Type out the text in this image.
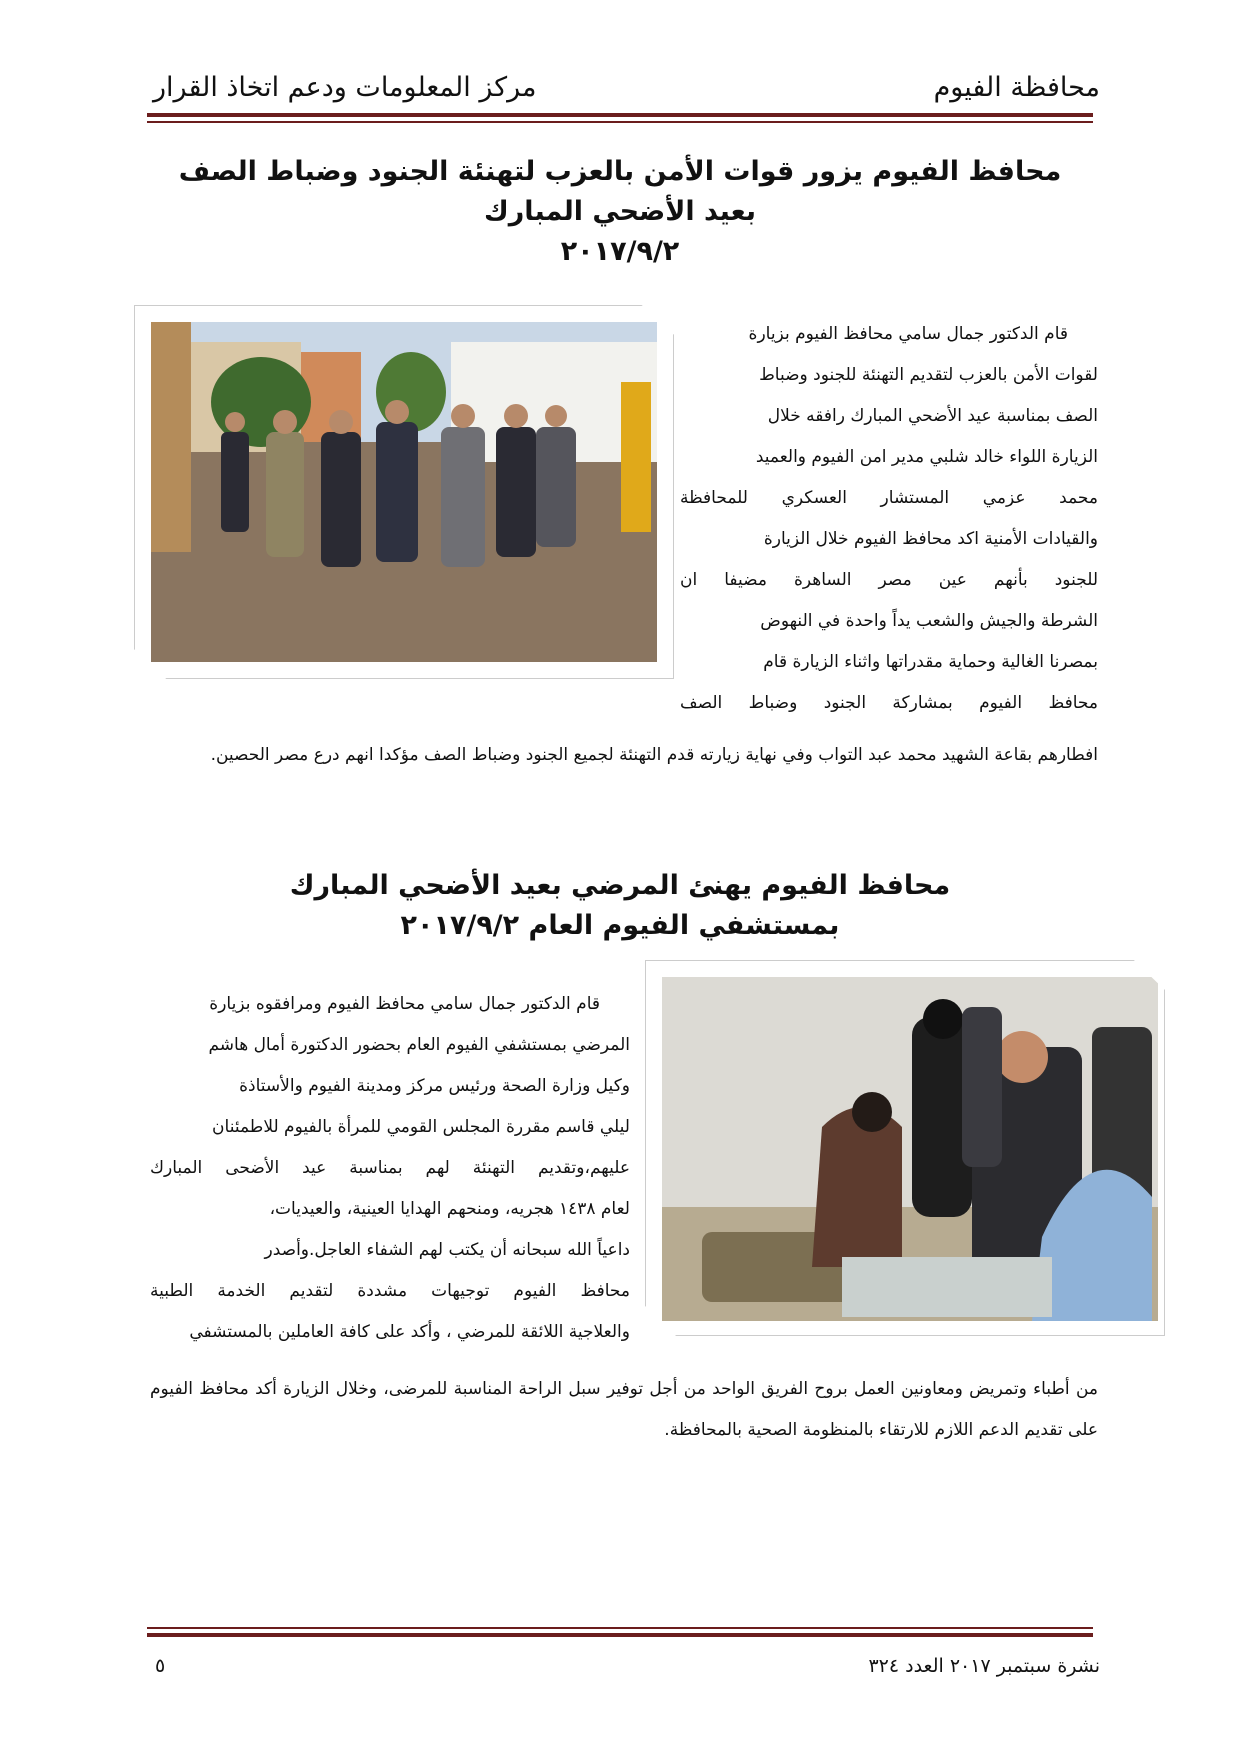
محافظة الفيوم
مركز المعلومات ودعم اتخاذ القرار
محافظ الفيوم يزور قوات الأمن بالعزب لتهنئة الجنود وضباط الصف
بعيد الأضحي المبارك
٢٠١٧/٩/٢

قام الدكتور جمال سامي محافظ الفيوم بزيارة

لقوات الأمن بالعزب لتقديم التهنئة للجنود وضباط

الصف بمناسبة عيد الأضحي المبارك رافقه خلال

الزيارة اللواء خالد شلبي مدير امن الفيوم والعميد

محمد عزمي المستشار العسكري للمحافظة

والقيادات الأمنية اكد محافظ الفيوم خلال الزيارة

للجنود بأنهم عين مصر الساهرة مضيفا ان

الشرطة والجيش والشعب يداً واحدة في النهوض

بمصرنا الغالية وحماية مقدراتها واثناء الزيارة قام

محافظ الفيوم بمشاركة الجنود وضباط الصف

افطارهم بقاعة الشهيد محمد عبد التواب وفي نهاية زيارته قدم التهنئة لجميع الجنود وضباط الصف مؤكدا انهم درع مصر الحصين.
محافظ الفيوم يهنئ المرضي بعيد الأضحي المبارك
بمستشفي الفيوم العام ٢٠١٧/٩/٢

قام الدكتور جمال سامي محافظ الفيوم ومرافقوه بزيارة

المرضي بمستشفي الفيوم العام بحضور الدكتورة أمال هاشم

وكيل وزارة الصحة ورئيس مركز ومدينة الفيوم والأستاذة

ليلي قاسم مقررة المجلس القومي للمرأة بالفيوم للاطمئنان

عليهم،وتقديم التهنئة لهم بمناسبة عيد الأضحى المبارك

لعام ١٤٣٨ هجريه، ومنحهم الهدايا العينية، والعيديات،

داعياً الله سبحانه أن يكتب لهم الشفاء العاجل.وأصدر

محافظ الفيوم توجيهات مشددة لتقديم الخدمة الطبية

والعلاجية اللائقة للمرضي ، وأكد على كافة العاملين بالمستشفي

من أطباء وتمريض ومعاونين العمل بروح الفريق الواحد من أجل توفير سبل الراحة المناسبة للمرضى، وخلال الزيارة أكد محافظ الفيوم على تقديم الدعم اللازم للارتقاء بالمنظومة الصحية بالمحافظة.
نشرة سبتمبر ٢٠١٧ العدد ٣٢٤
٥
